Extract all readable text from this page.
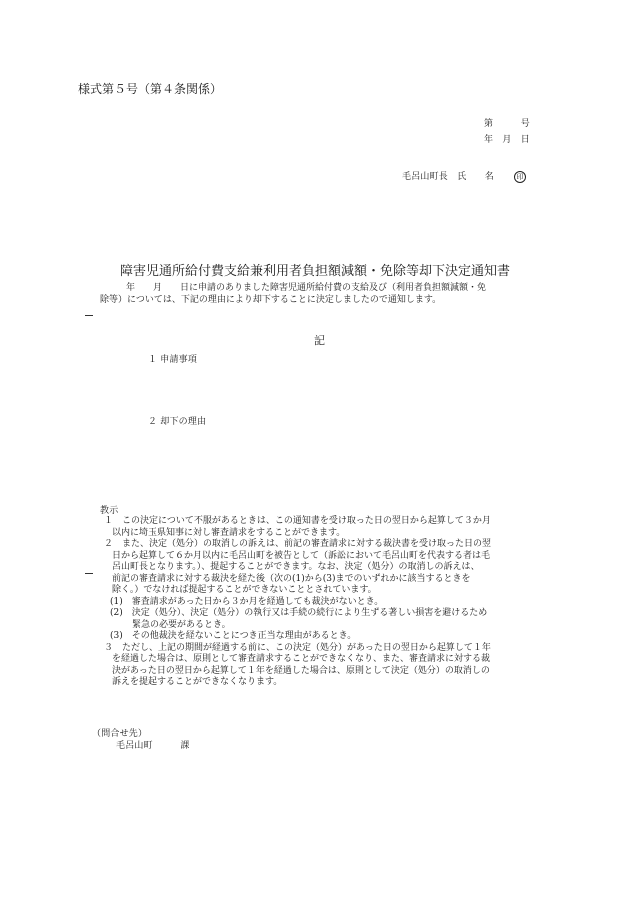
様式第５号（第４条関係）
第　　　号
年　月　日
毛呂山町長　氏　　名	印
障害児通所給付費支給兼利用者負担額減額・免除等却下決定通知書
年　　月　　日に申請のありました障害児通所給付費の支給及び（利用者負担額減額・免
除等）については、下記の理由により却下することに決定しましたので通知します。
記
１ 申請事項
２ 却下の理由
教示
１　この決定について不服があるときは、この通知書を受け取った日の翌日から起算して３か月
以内に埼玉県知事に対し審査請求をすることができます。
２　また、決定（処分）の取消しの訴えは、前記の審査請求に対する裁決書を受け取った日の翌
日から起算して６か月以内に毛呂山町を被告として（訴訟において毛呂山町を代表する者は毛
呂山町長となります。）、提起することができます。なお、決定（処分）の取消しの訴えは、
前記の審査請求に対する裁決を経た後（次の(1)から(3)までのいずれかに該当するときを
除く。）でなければ提起することができないこととされています。
(1)　審査請求があった日から３か月を経過しても裁決がないとき。
(2)　決定（処分）、決定（処分）の執行又は手続の続行により生ずる著しい損害を避けるため
緊急の必要があるとき。
(3)　その他裁決を経ないことにつき正当な理由があるとき。
３　ただし、上記の期間が経過する前に、この決定（処分）があった日の翌日から起算して１年
を経過した場合は、原則として審査請求することができなくなり、また、審査請求に対する裁
決があった日の翌日から起算して１年を経過した場合は、原則として決定（処分）の取消しの
訴えを提起することができなくなります。
（問合せ先）
毛呂山町　　　課
